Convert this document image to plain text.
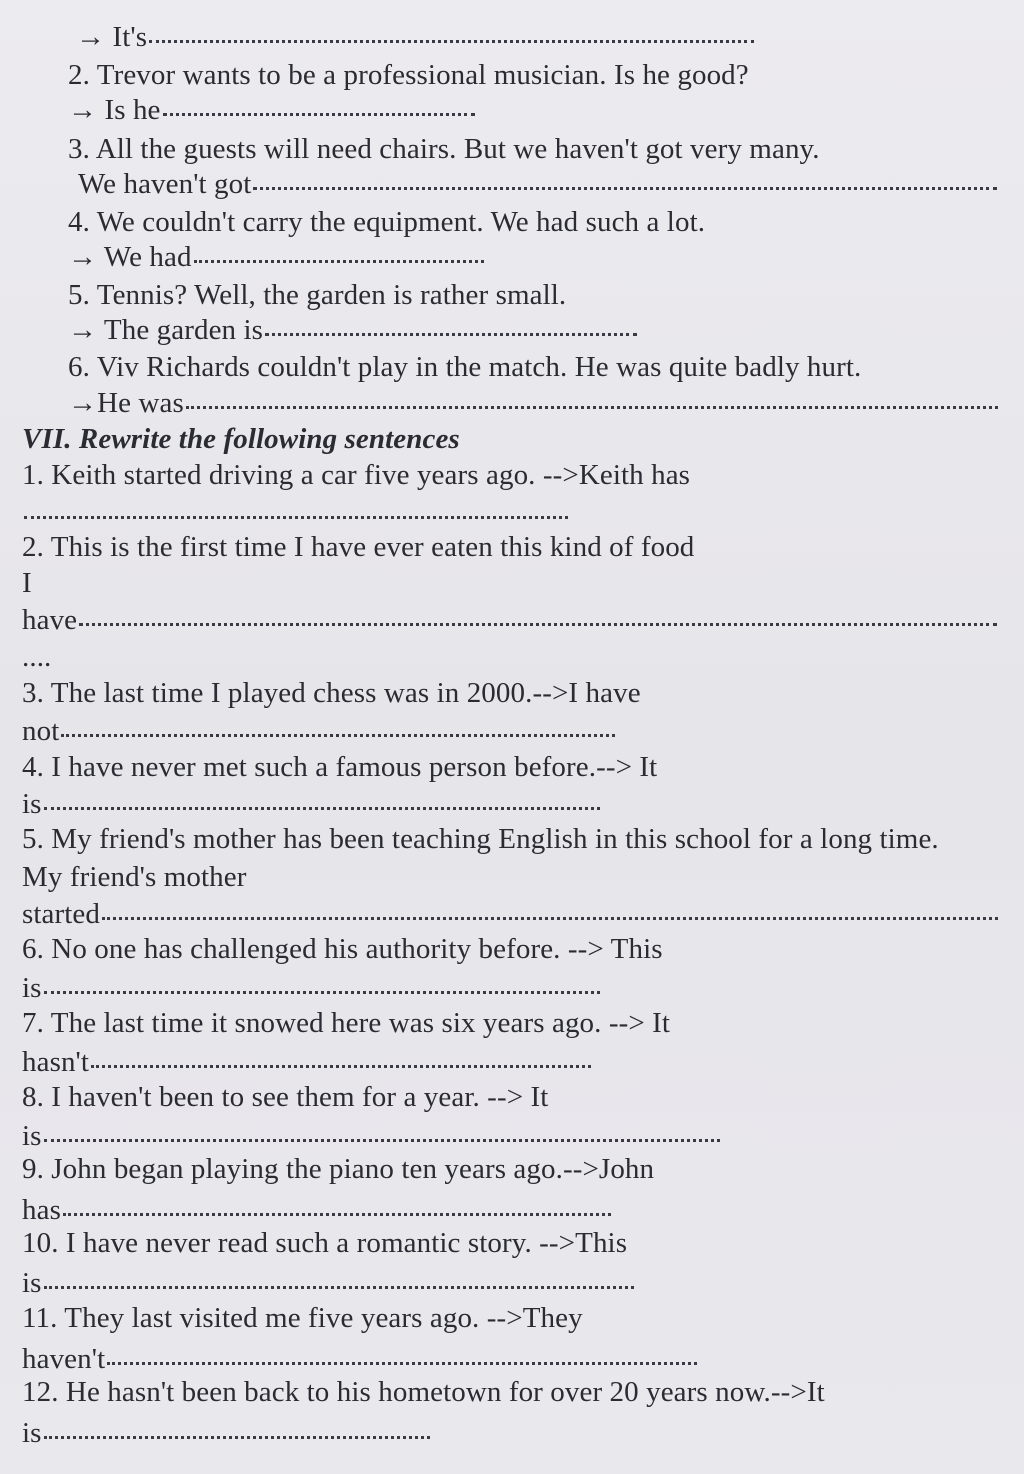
→ It's
2. Trevor wants to be a professional musician. Is he good?
→ Is he
3. All the guests will need chairs. But we haven't got very many.
We haven't got
4. We couldn't carry the equipment. We had such a lot.
→ We had
5. Tennis? Well, the garden is rather small.
→ The garden is
6. Viv Richards couldn't play in the match. He was quite badly hurt.
→He was
VII. Rewrite the following sentences
1. Keith started driving a car five years ago. -->Keith has
2. This is the first time I have ever eaten this kind of food
I
have
....
3. The last time I played chess was in 2000.-->I have
not
4. I have never met such a famous person before.--> It
is
5. My friend's mother has been teaching English in this school for a long time.
My friend's mother
started
6. No one has challenged his authority before. --> This
is
7. The last time it snowed here was six years ago. --> It
hasn't
8. I haven't been to see them for a year. --> It
is
9. John began playing the piano ten years ago.-->John
has
10. I have never read such a romantic story. -->This
is
11. They last visited me five years ago. -->They
haven't
12. He hasn't been back to his hometown for over 20 years now.-->It
is
